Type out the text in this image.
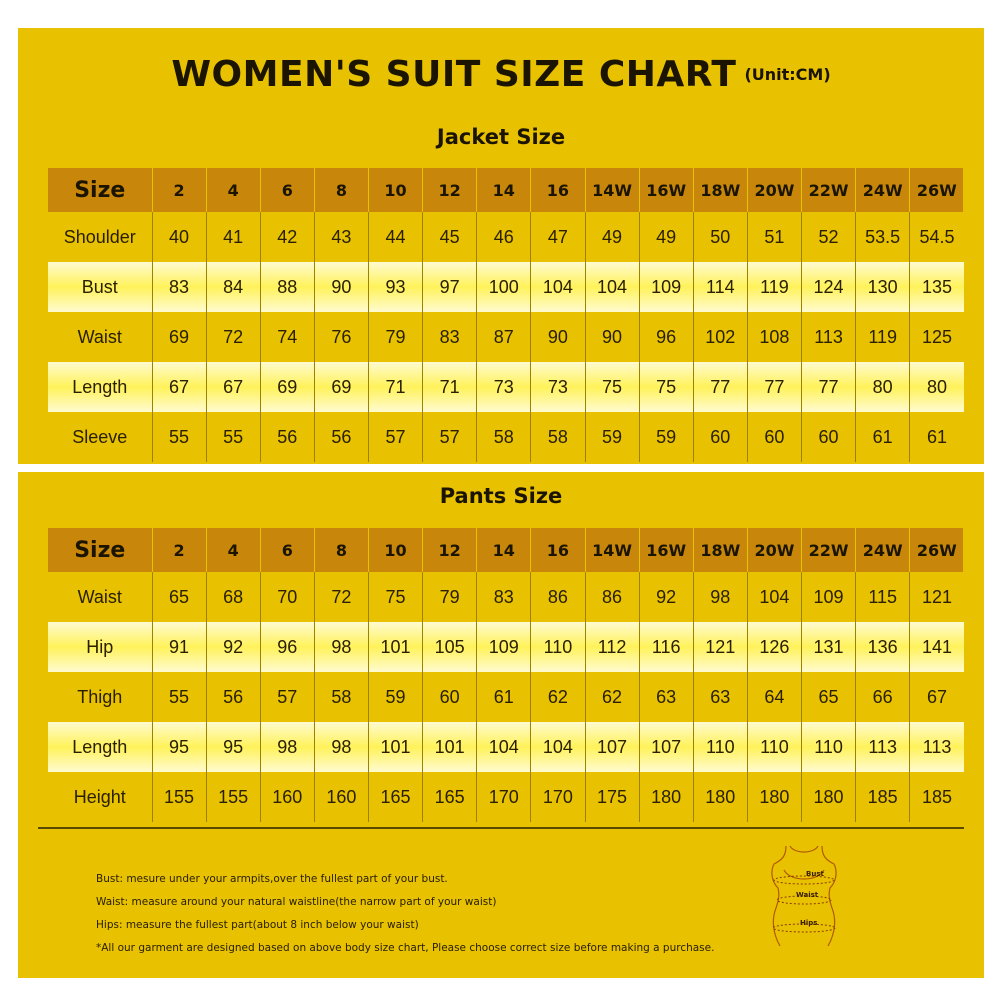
WOMEN'S SUIT SIZE CHART (Unit:CM)
Jacket Size
Size	2	4	6	8	10	12	14	16	14W	16W	18W	20W	22W	24W	26W
Shoulder	40	41	42	43	44	45	46	47	49	49	50	51	52	53.5	54.5
Bust	83	84	88	90	93	97	100	104	104	109	114	119	124	130	135
Waist	69	72	74	76	79	83	87	90	90	96	102	108	113	119	125
Length	67	67	69	69	71	71	73	73	75	75	77	77	77	80	80
Sleeve	55	55	56	56	57	57	58	58	59	59	60	60	60	61	61
Pants Size
Size	2	4	6	8	10	12	14	16	14W	16W	18W	20W	22W	24W	26W
Waist	65	68	70	72	75	79	83	86	86	92	98	104	109	115	121
Hip	91	92	96	98	101	105	109	110	112	116	121	126	131	136	141
Thigh	55	56	57	58	59	60	61	62	62	63	63	64	65	66	67
Length	95	95	98	98	101	101	104	104	107	107	110	110	110	113	113
Height	155	155	160	160	165	165	170	170	175	180	180	180	180	185	185
Bust: mesure under your armpits,over the fullest part of your bust.
Waist: measure around your natural waistline(the narrow part of your waist)
Hips: measure the fullest part(about 8 inch below your waist)
*All our garment are designed based on above body size chart, Please choose correct size before making a purchase.
Bust
Waist
Hips
